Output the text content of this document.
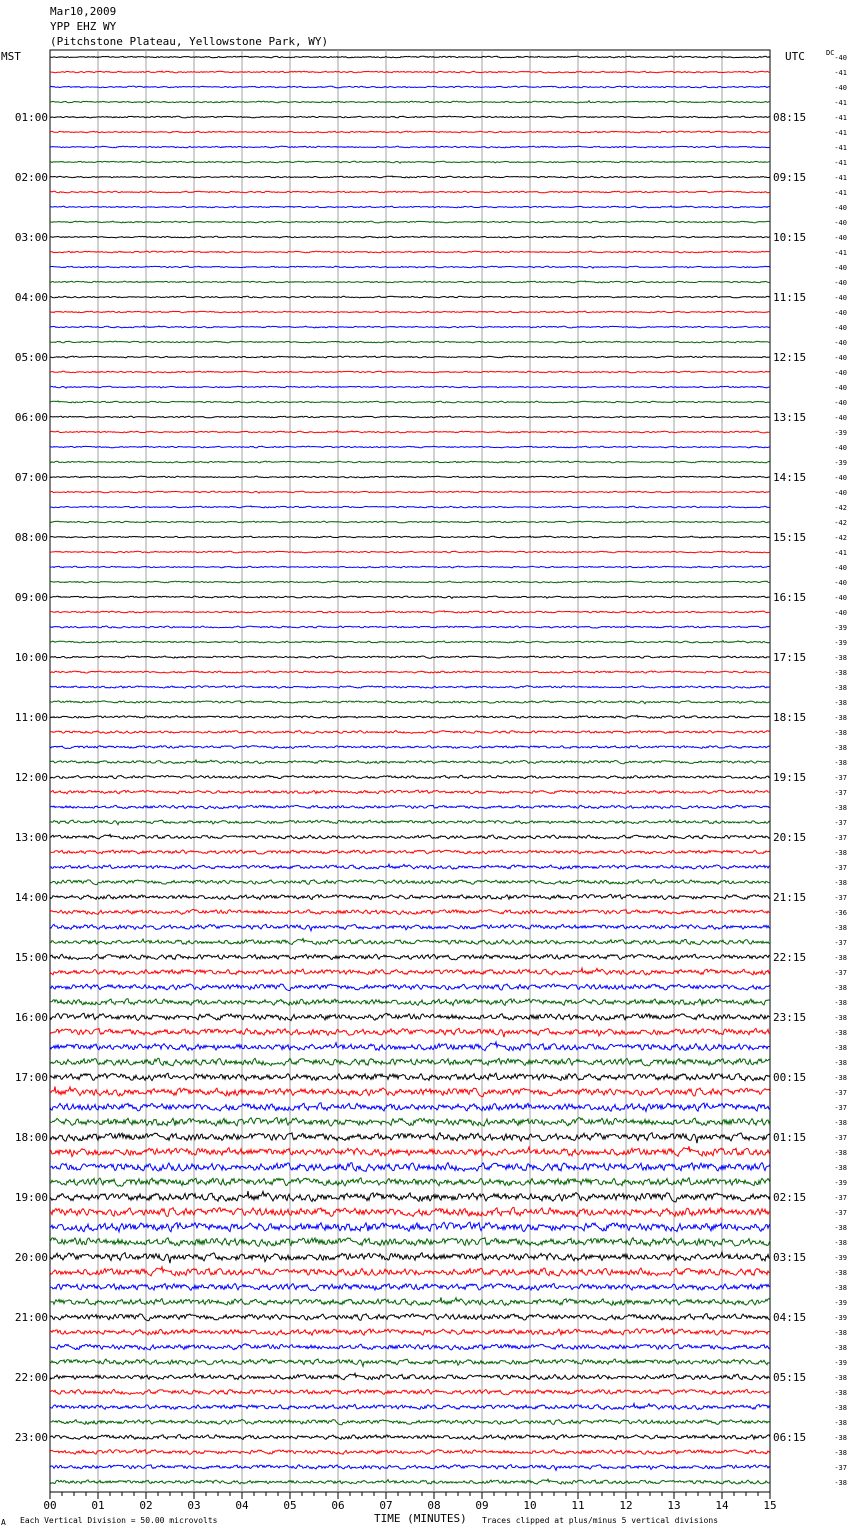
Mar10,2009
YPP EHZ WY
(Pitchstone Plateau, Yellowstone Park, WY)
MST	UTC	DC
-40
-41
-40
-41
-41
-41
-41
-41
-41
-41
-40
-40
-40
-41
-40
-40
-40
-40
-40
-40
-40
-40
-40
-40
-40
-39
-40
-39
-40
-40
-42
-42
-42
-41
-40
-40
-40
-40
-39
-39
-38
-38
-38
-38
-38
-38
-38
-38
-37
-37
-38
-37
-37
-38
-37
-38
-37
-36
-38
-37
-38
-37
-38
-38
-38
-38
-38
-38
-38
-37
-37
-38
-37
-38
-38
-39
-37
-37
-38
-38
-39
-38
-38
-39
-39
-38
-38
-39
-38
-38
-38
-38
-38
-38
-37
-38
01:00	08:15
02:00	09:15
03:00	10:15
04:00	11:15
05:00	12:15
06:00	13:15
07:00	14:15
08:00	15:15
09:00	16:15
10:00	17:15
11:00	18:15
12:00	19:15
13:00	20:15
14:00	21:15
15:00	22:15
16:00	23:15
17:00	00:15
18:00	01:15
19:00	02:15
20:00	03:15
21:00	04:15
22:00	05:15
23:00	06:15
00	01	02	03	04	05	06	07	08	09	10	11	12	13	14	15
A Each Vertical Division = 50.00 microvolts	TIME (MINUTES) Traces clipped at plus/minus 5 vertical divisions
